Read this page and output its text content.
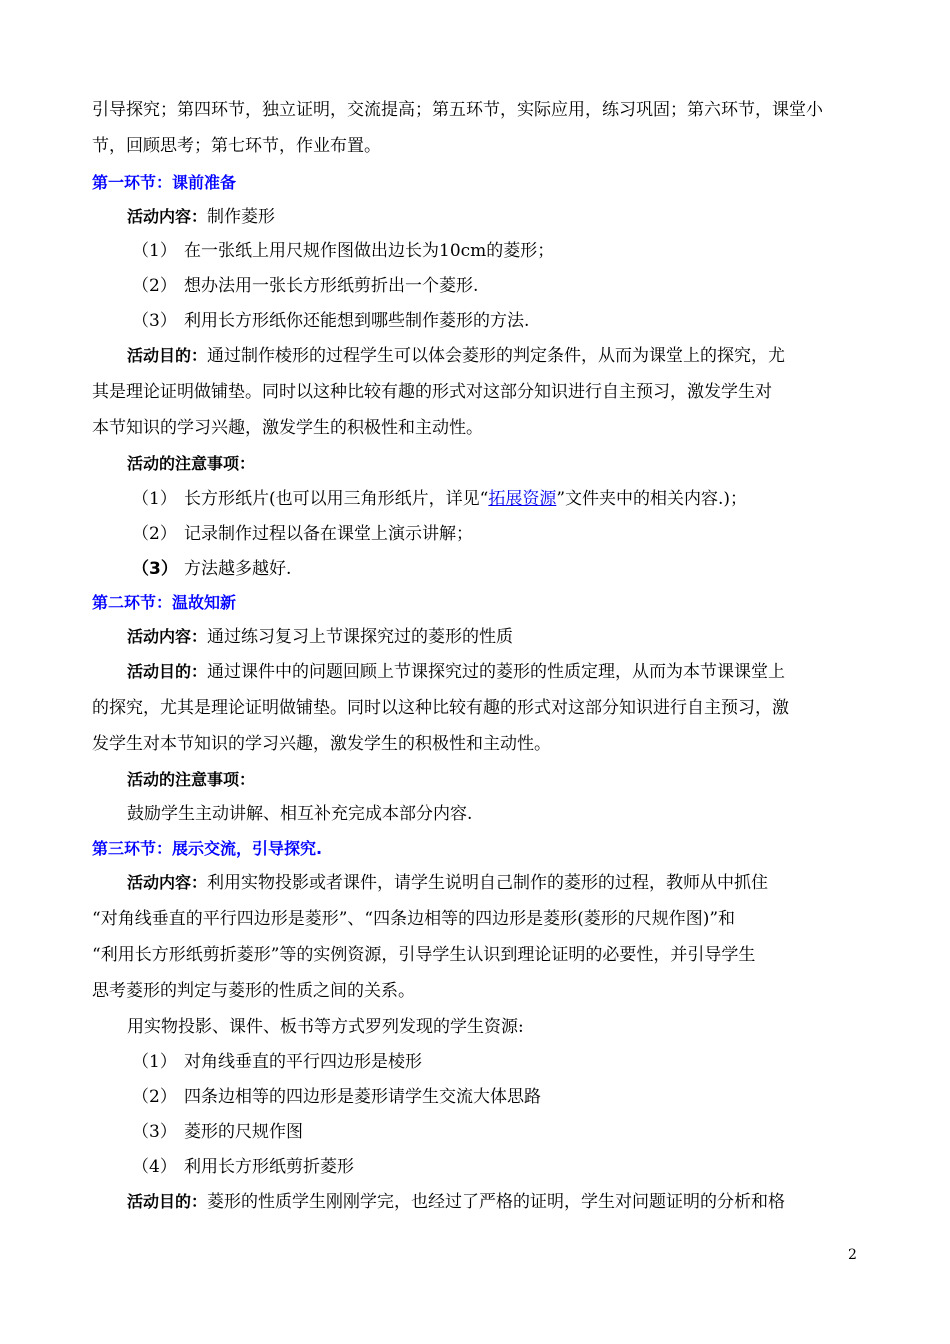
引导探究；第四环节，独立证明，交流提高；第五环节，实际应用，练习巩固；第六环节，课堂小
节，回顾思考；第七环节，作业布置。
第一环节：课前准备
活动内容：制作菱形
（1） 在一张纸上用尺规作图做出边长为10cm的菱形；
（2） 想办法用一张长方形纸剪折出一个菱形.
（3） 利用长方形纸你还能想到哪些制作菱形的方法.
活动目的：通过制作棱形的过程学生可以体会菱形的判定条件，从而为课堂上的探究，尤
其是理论证明做铺垫。同时以这种比较有趣的形式对这部分知识进行自主预习，激发学生对
本节知识的学习兴趣，激发学生的积极性和主动性。
活动的注意事项：
（1） 长方形纸片(也可以用三角形纸片，详见“拓展资源”文件夹中的相关内容.)；
（2） 记录制作过程以备在课堂上演示讲解；
（3） 方法越多越好.
第二环节：温故知新
活动内容：通过练习复习上节课探究过的菱形的性质
活动目的：通过课件中的问题回顾上节课探究过的菱形的性质定理，从而为本节课课堂上
的探究，尤其是理论证明做铺垫。同时以这种比较有趣的形式对这部分知识进行自主预习，激
发学生对本节知识的学习兴趣，激发学生的积极性和主动性。
活动的注意事项：
鼓励学生主动讲解、相互补充完成本部分内容.
第三环节：展示交流，引导探究.
活动内容：利用实物投影或者课件，请学生说明自己制作的菱形的过程，教师从中抓住
“对角线垂直的平行四边形是菱形”、“四条边相等的四边形是菱形(菱形的尺规作图)”和
“利用长方形纸剪折菱形”等的实例资源，引导学生认识到理论证明的必要性，并引导学生
思考菱形的判定与菱形的性质之间的关系。
用实物投影、课件、板书等方式罗列发现的学生资源:
（1） 对角线垂直的平行四边形是棱形
（2） 四条边相等的四边形是菱形请学生交流大体思路
（3） 菱形的尺规作图
（4） 利用长方形纸剪折菱形
活动目的：菱形的性质学生刚刚学完，也经过了严格的证明，学生对问题证明的分析和格
2
